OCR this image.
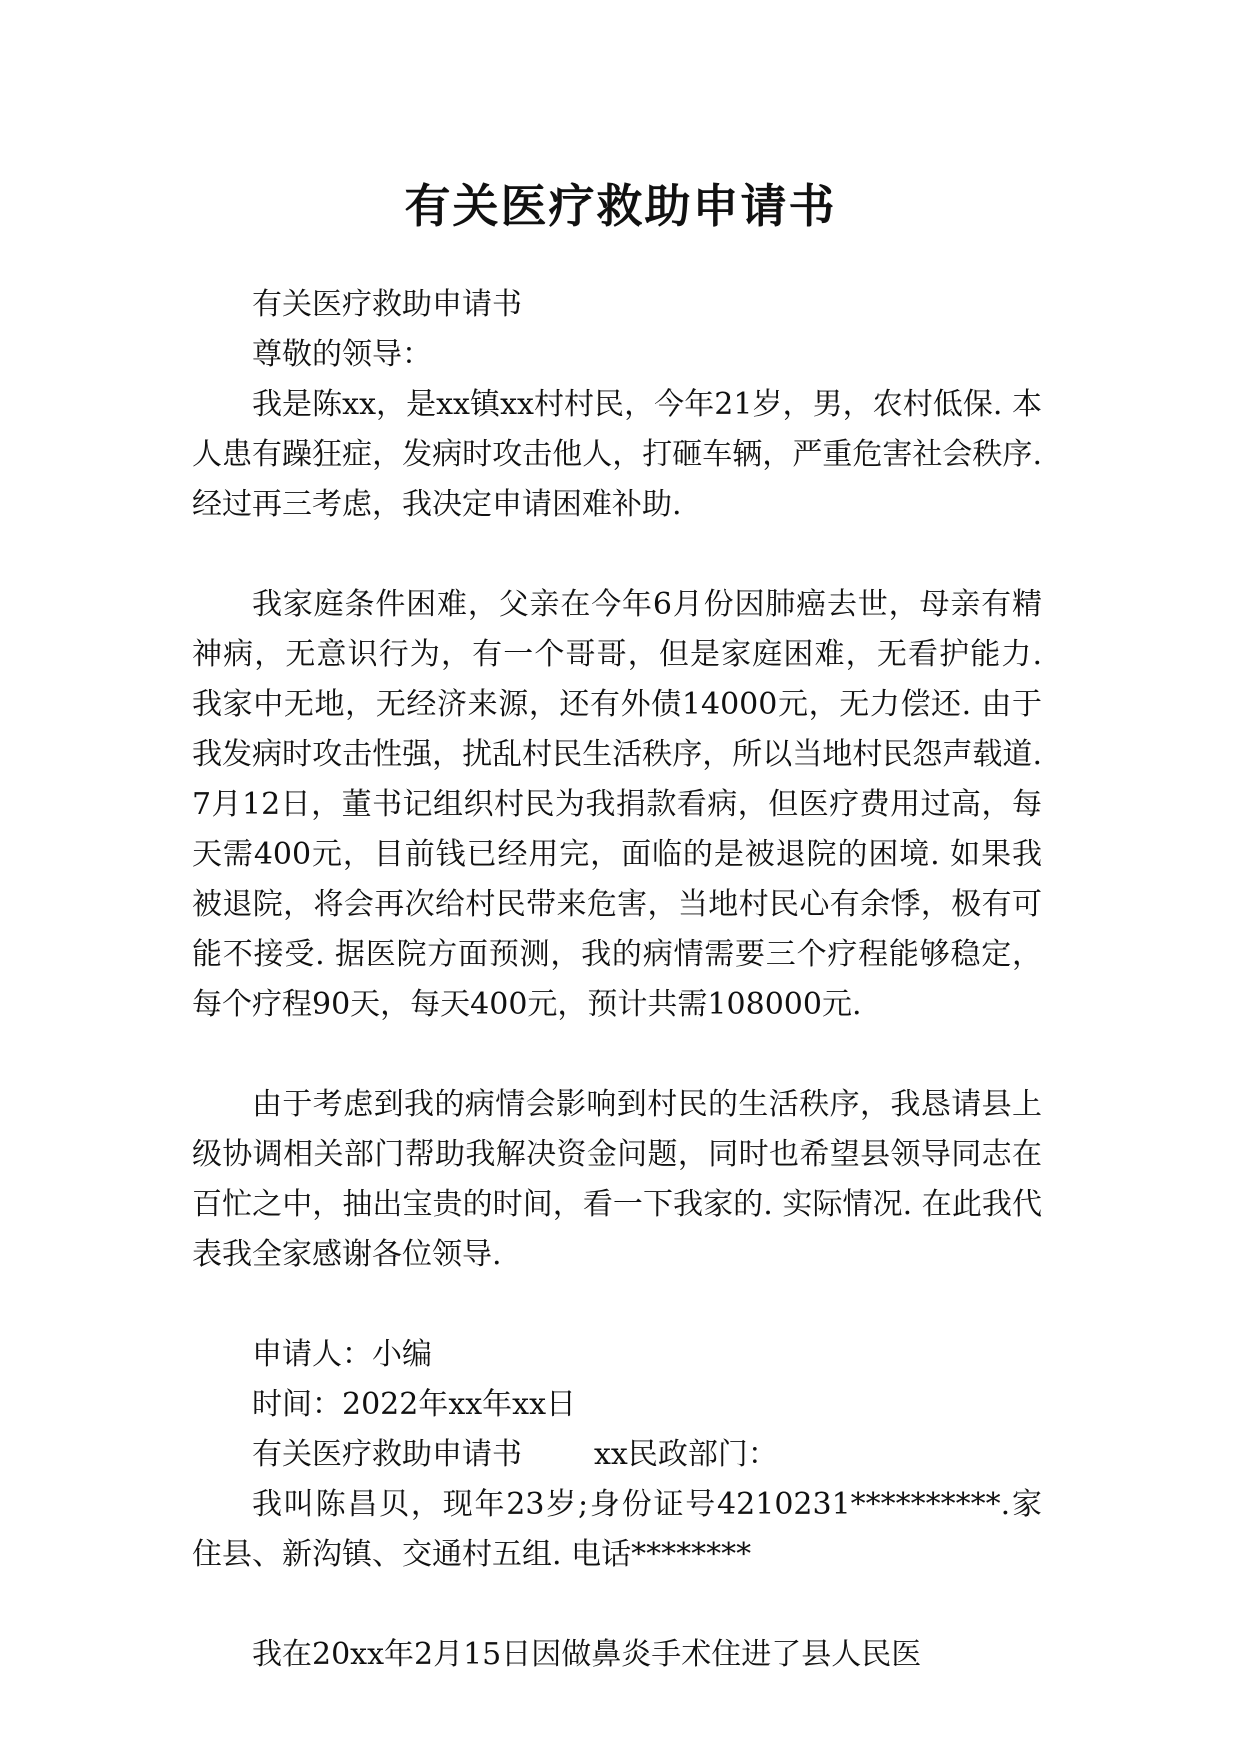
有关医疗救助申请书

有关医疗救助申请书

尊敬的领导：

我是陈xx，是xx镇xx村村民，今年21岁，男，农村低保. 本人患有躁狂症，发病时攻击他人，打砸车辆，严重危害社会秩序. 经过再三考虑，我决定申请困难补助.

我家庭条件困难，父亲在今年6月份因肺癌去世，母亲有精神病，无意识行为，有一个哥哥，但是家庭困难，无看护能力. 我家中无地，无经济来源，还有外债14000元，无力偿还. 由于我发病时攻击性强，扰乱村民生活秩序，所以当地村民怨声载道. 7月12日，董书记组织村民为我捐款看病，但医疗费用过高，每天需400元，目前钱已经用完，面临的是被退院的困境. 如果我被退院，将会再次给村民带来危害，当地村民心有余悸，极有可能不接受. 据医院方面预测，我的病情需要三个疗程能够稳定，每个疗程90天，每天400元，预计共需108000元.

由于考虑到我的病情会影响到村民的生活秩序，我恳请县上级协调相关部门帮助我解决资金问题，同时也希望县领导同志在百忙之中，抽出宝贵的时间，看一下我家的. 实际情况. 在此我代表我全家感谢各位领导.

申请人：小编

时间：2022年xx年xx日

有关医疗救助申请书 xx民政部门：

我叫陈昌贝，现年23岁;身份证号4210231**********.家住县、新沟镇、交通村五组. 电话********

我在20xx年2月15日因做鼻炎手术住进了县人民医
